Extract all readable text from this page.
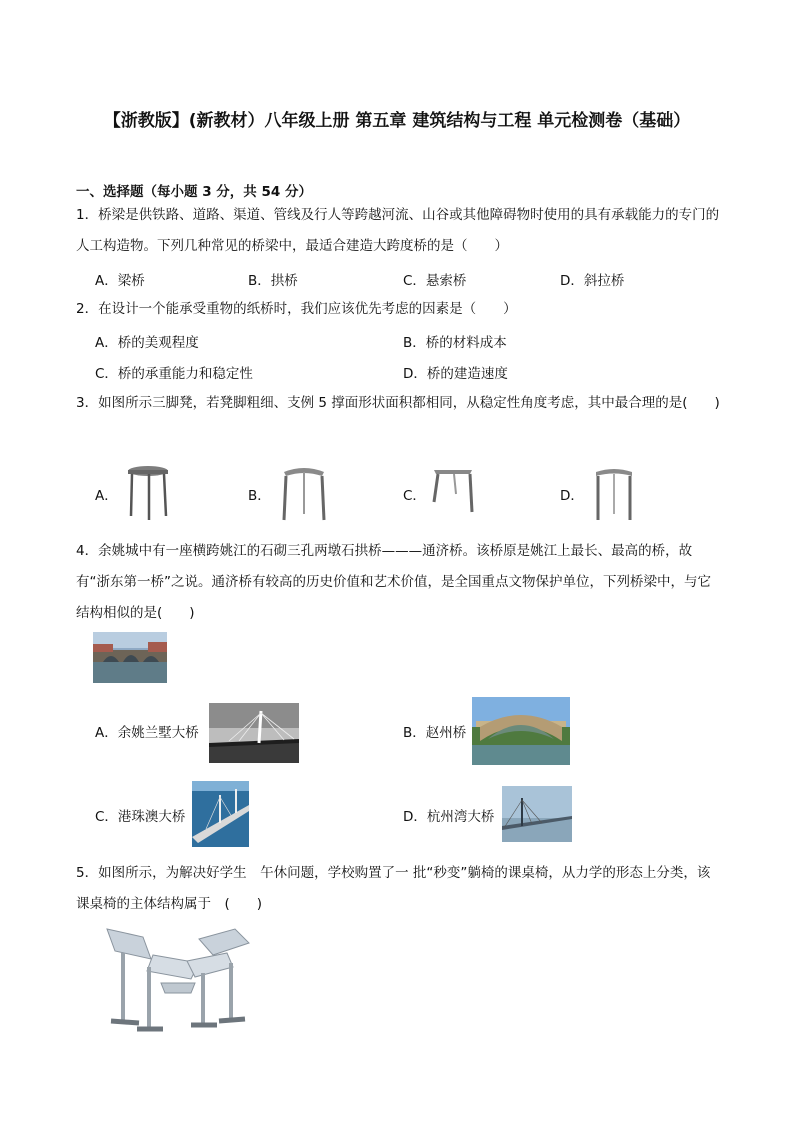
【浙教版】(新教材）八年级上册 第五章 建筑结构与工程 单元检测卷（基础）
一、选择题（每小题 3 分，共 54 分）
1．桥梁是供铁路、道路、渠道、管线及行人等跨越河流、山谷或其他障碍物时使用的具有承载能力的专门的人工构造物。下列几种常见的桥梁中，最适合建造大跨度桥的是（　　）
A．梁桥	B．拱桥	C．悬索桥	D．斜拉桥
2．在设计一个能承受重物的纸桥时，我们应该优先考虑的因素是（　　）
A．桥的美观程度	B．桥的材料成本
C．桥的承重能力和稳定性	D．桥的建造速度
3．如图所示三脚凳，若凳脚粗细、支例 5 撑面形状面积都相同，从稳定性角度考虑，其中最合理的是(　　)
A．	B．	C．	D．
4．余姚城中有一座横跨姚江的石砌三孔两墩石拱桥———通济桥。该桥原是姚江上最长、最高的桥，故有“浙东第一桥”之说。通济桥有较高的历史价值和艺术价值，是全国重点文物保护单位，下列桥梁中，与它结构相似的是(　　)
A．余姚兰墅大桥	B．赵州桥
C．港珠澳大桥	D．杭州湾大桥
5．如图所示，为解决好学生　午休问题，学校购置了一 批“秒变”躺椅的课桌椅，从力学的形态上分类，该课桌椅的主体结构属于　(　　)
